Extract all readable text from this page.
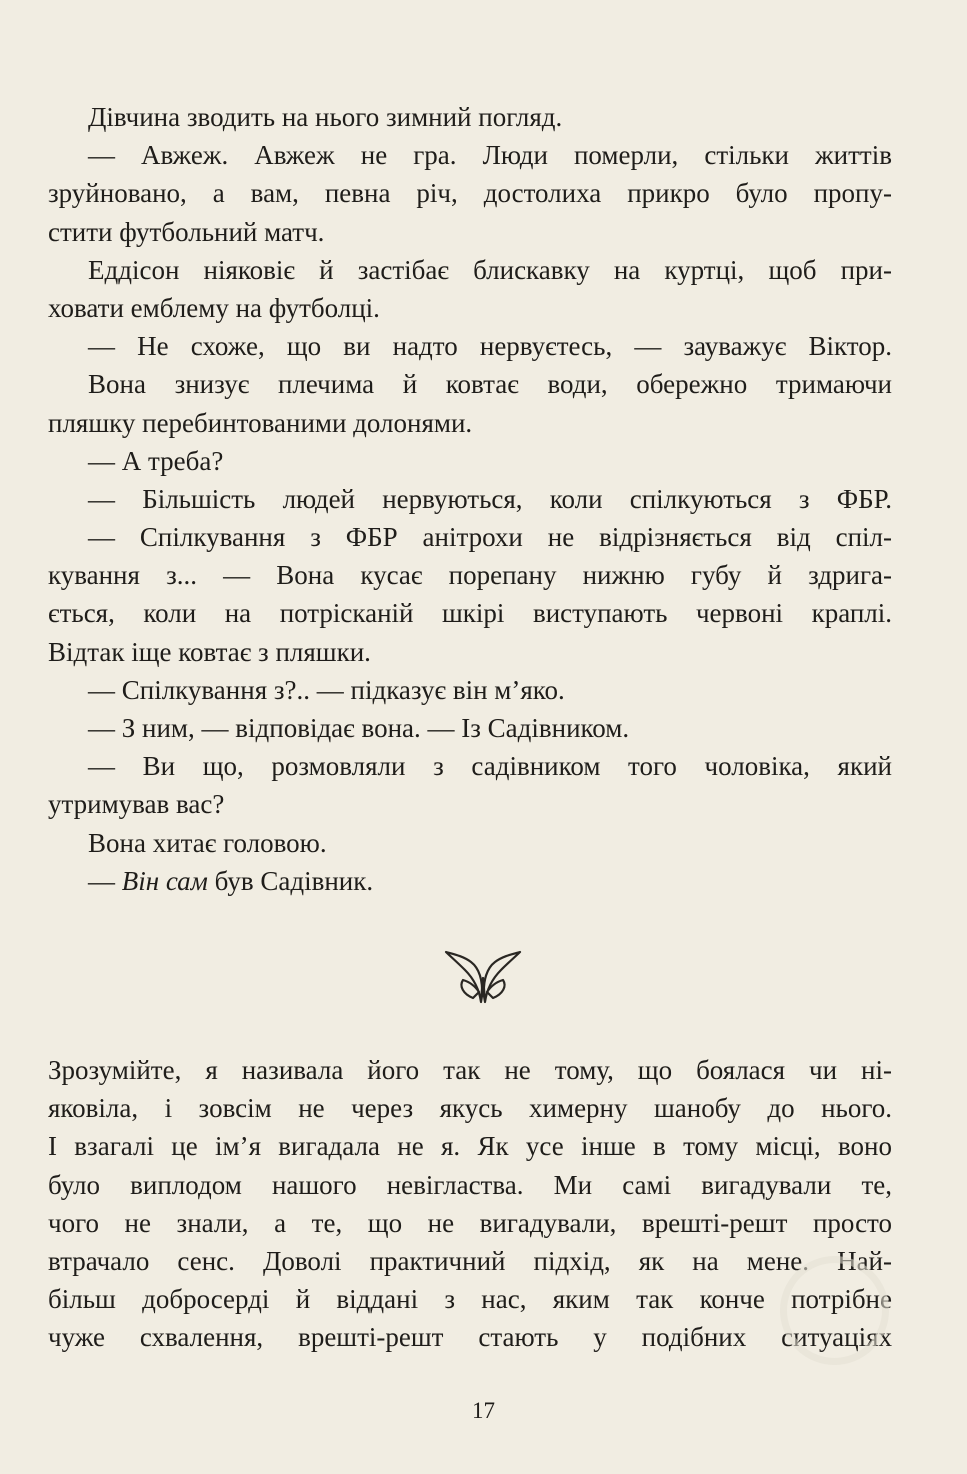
Дівчина зводить на нього зимний погляд.
— Авжеж. Авжеж не гра. Люди померли, стільки життів
зруйновано, а вам, певна річ, достолиха прикро було пропу-
стити футбольний матч.
Еддісон ніяковіє й застібає блискавку на куртці, щоб при-
ховати емблему на футболці.
— Не схоже, що ви надто нервуєтесь, — зауважує Віктор.
Вона знизує плечима й ковтає води, обережно тримаючи
пляшку перебинтованими долонями.
— А треба?
— Більшість людей нервуються, коли спілкуються з ФБР.
— Спілкування з ФБР анітрохи не відрізняється від спіл-
кування з... — Вона кусає порепану нижню губу й здрига-
ється, коли на потрісканій шкірі виступають червоні краплі.
Відтак іще ковтає з пляшки.
— Спілкування з?.. — підказує він м’яко.
— З ним, — відповідає вона. — Із Садівником.
— Ви що, розмовляли з садівником того чоловіка, який
утримував вас?
Вона хитає головою.
— Він сам був Садівник.
Зрозумійте, я називала його так не тому, що боялася чи ні-
яковіла, і зовсім не через якусь химерну шанобу до нього.
І взагалі це ім’я вигадала не я. Як усе інше в тому місці, воно
було виплодом нашого невігластва. Ми самі вигадували те,
чого не знали, а те, що не вигадували, врешті-решт просто
втрачало сенс. Доволі практичний підхід, як на мене. Най-
більш добросерді й віддані з нас, яким так конче потрібне
чуже схвалення, врешті-решт стають у подібних ситуаціях
17
